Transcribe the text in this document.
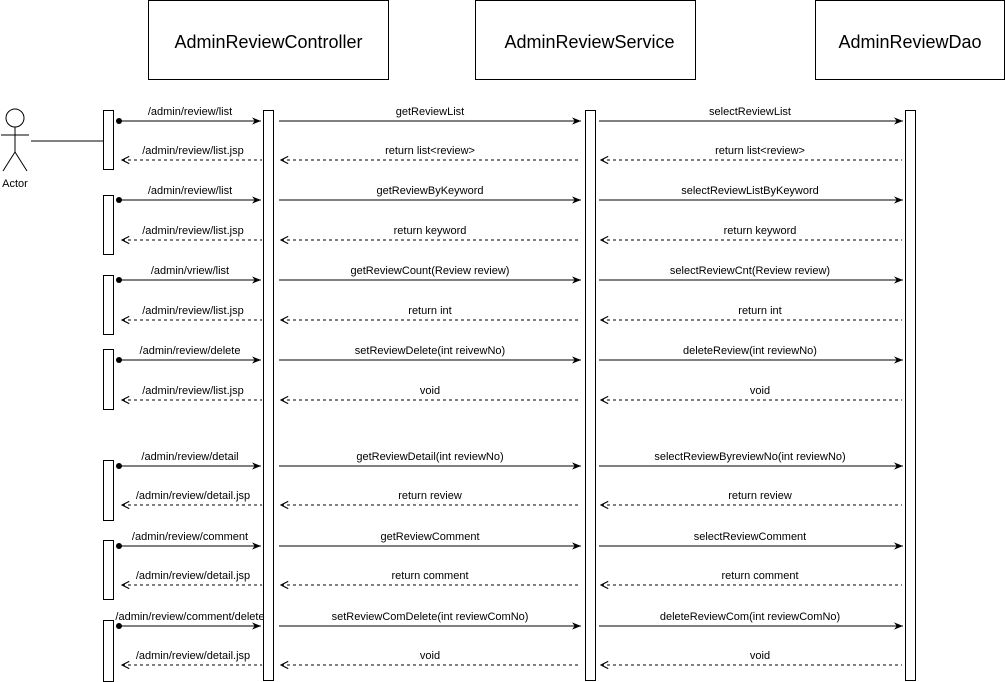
AdminReviewController	AdminReviewService	AdminReviewDao
Actor
/admin/review/list	getReviewList	selectReviewList
/admin/review/list.jsp	return list<review>	return list<review>
/admin/review/list	getReviewByKeyword	selectReviewListByKeyword
/admin/review/list.jsp	return keyword	return keyword
/admin/vriew/list	getReviewCount(Review review)	selectReviewCnt(Review review)
/admin/review/list.jsp	return int	return int
/admin/review/delete	setReviewDelete(int reivewNo)	deleteReview(int reviewNo)
/admin/review/list.jsp	void	void
/admin/review/detail	getReviewDetail(int reviewNo)	selectReviewByreviewNo(int reviewNo)
/admin/review/detail.jsp	return review	return review
/admin/review/comment	getReviewComment	selectReviewComment
/admin/review/detail.jsp	return comment	return comment
/admin/review/comment/delete	setReviewComDelete(int reviewComNo)	deleteReviewCom(int reviewComNo)
/admin/review/detail.jsp	void	void
